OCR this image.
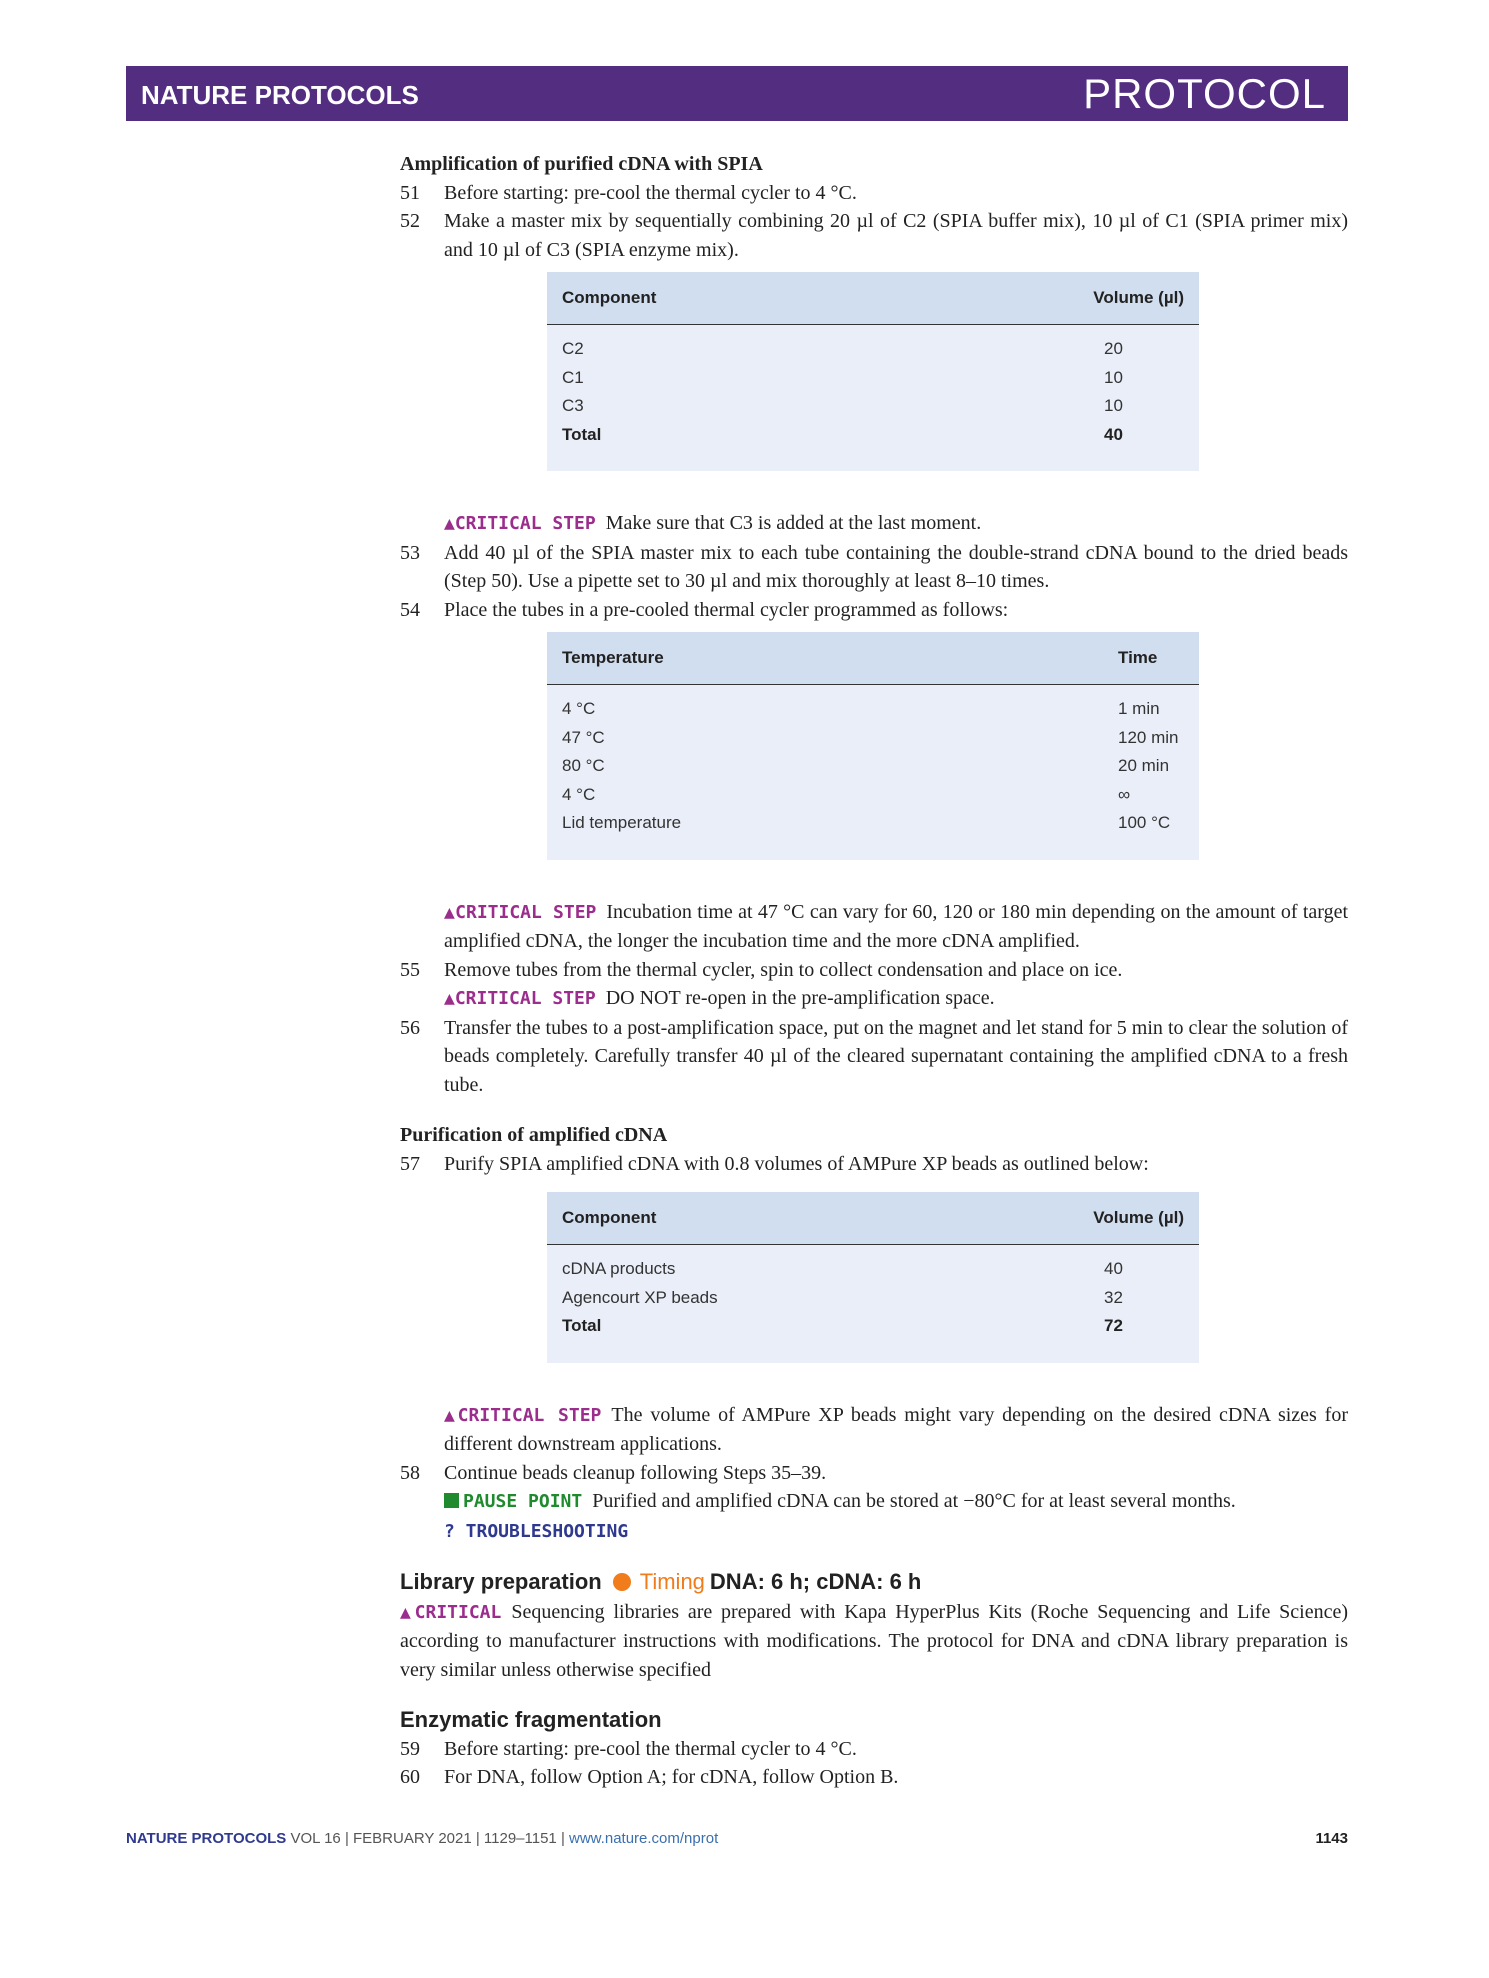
NATURE PROTOCOLS	PROTOCOL
Amplification of purified cDNA with SPIA
51 Before starting: pre-cool the thermal cycler to 4 °C.
52 Make a master mix by sequentially combining 20 µl of C2 (SPIA buffer mix), 10 µl of C1 (SPIA primer mix) and 10 µl of C3 (SPIA enzyme mix).
Component	Volume (µl)
C2	20
C1	10
C3	10
Total	40
▲CRITICAL STEP Make sure that C3 is added at the last moment.
53 Add 40 µl of the SPIA master mix to each tube containing the double-strand cDNA bound to the dried beads (Step 50). Use a pipette set to 30 µl and mix thoroughly at least 8–10 times.
54 Place the tubes in a pre-cooled thermal cycler programmed as follows:
Temperature	Time
4 °C	1 min
47 °C	120 min
80 °C	20 min
4 °C	∞
Lid temperature	100 °C
▲CRITICAL STEP Incubation time at 47 °C can vary for 60, 120 or 180 min depending on the amount of target amplified cDNA, the longer the incubation time and the more cDNA amplified.
55 Remove tubes from the thermal cycler, spin to collect condensation and place on ice.
▲CRITICAL STEP DO NOT re-open in the pre-amplification space.
56 Transfer the tubes to a post-amplification space, put on the magnet and let stand for 5 min to clear the solution of beads completely. Carefully transfer 40 µl of the cleared supernatant containing the amplified cDNA to a fresh tube.
Purification of amplified cDNA
57 Purify SPIA amplified cDNA with 0.8 volumes of AMPure XP beads as outlined below:
Component	Volume (µl)
cDNA products	40
Agencourt XP beads	32
Total	72
▲CRITICAL STEP The volume of AMPure XP beads might vary depending on the desired cDNA sizes for different downstream applications.
58 Continue beads cleanup following Steps 35–39.
PAUSE POINT Purified and amplified cDNA can be stored at −80°C for at least several months.
? TROUBLESHOOTING
Library preparation Timing DNA: 6 h; cDNA: 6 h
▲CRITICAL Sequencing libraries are prepared with Kapa HyperPlus Kits (Roche Sequencing and Life Science) according to manufacturer instructions with modifications. The protocol for DNA and cDNA library preparation is very similar unless otherwise specified
Enzymatic fragmentation
59 Before starting: pre-cool the thermal cycler to 4 °C.
60 For DNA, follow Option A; for cDNA, follow Option B.
NATURE PROTOCOLS VOL 16 | FEBRUARY 2021 | 1129–1151 | www.nature.com/nprot	1143
